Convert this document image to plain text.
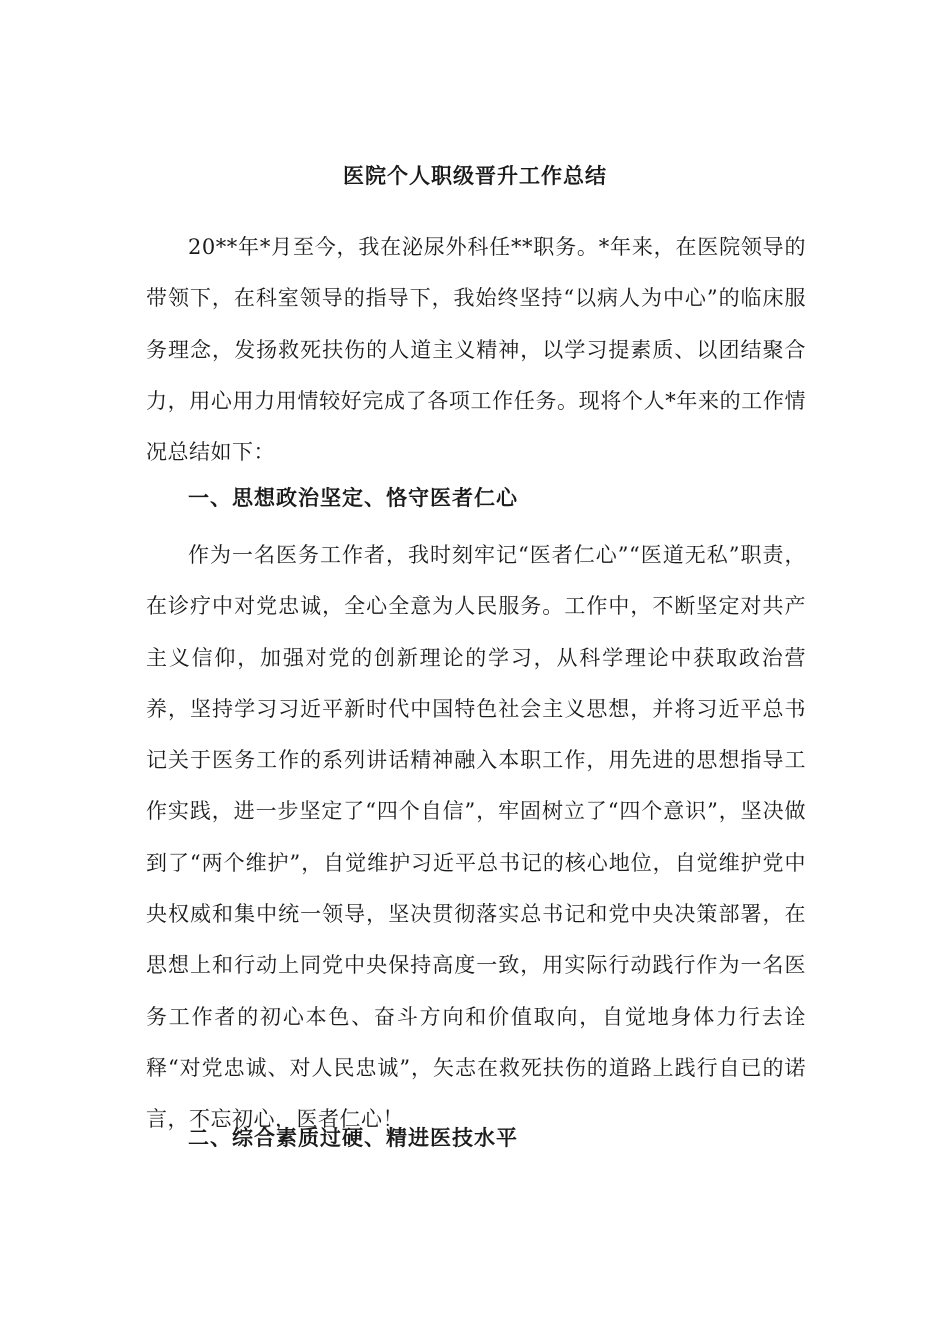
医院个人职级晋升工作总结
20**年*月至今，我在泌尿外科任**职务。*年来，在医院领导的带领下，在科室领导的指导下，我始终坚持“以病人为中心”的临床服务理念，发扬救死扶伤的人道主义精神，以学习提素质、以团结聚合力，用心用力用情较好完成了各项工作任务。现将个人*年来的工作情况总结如下：
一、思想政治坚定、恪守医者仁心
作为一名医务工作者，我时刻牢记“医者仁心”“医道无私”职责，在诊疗中对党忠诚，全心全意为人民服务。工作中，不断坚定对共产主义信仰，加强对党的创新理论的学习，从科学理论中获取政治营养，坚持学习习近平新时代中国特色社会主义思想，并将习近平总书记关于医务工作的系列讲话精神融入本职工作，用先进的思想指导工作实践，进一步坚定了“四个自信”，牢固树立了“四个意识”，坚决做到了“两个维护”，自觉维护习近平总书记的核心地位，自觉维护党中央权威和集中统一领导，坚决贯彻落实总书记和党中央决策部署，在思想上和行动上同党中央保持高度一致，用实际行动践行作为一名医务工作者的初心本色、奋斗方向和价值取向，自觉地身体力行去诠释“对党忠诚、对人民忠诚”，矢志在救死扶伤的道路上践行自已的诺言，不忘初心，医者仁心！
二、综合素质过硬、精进医技水平
